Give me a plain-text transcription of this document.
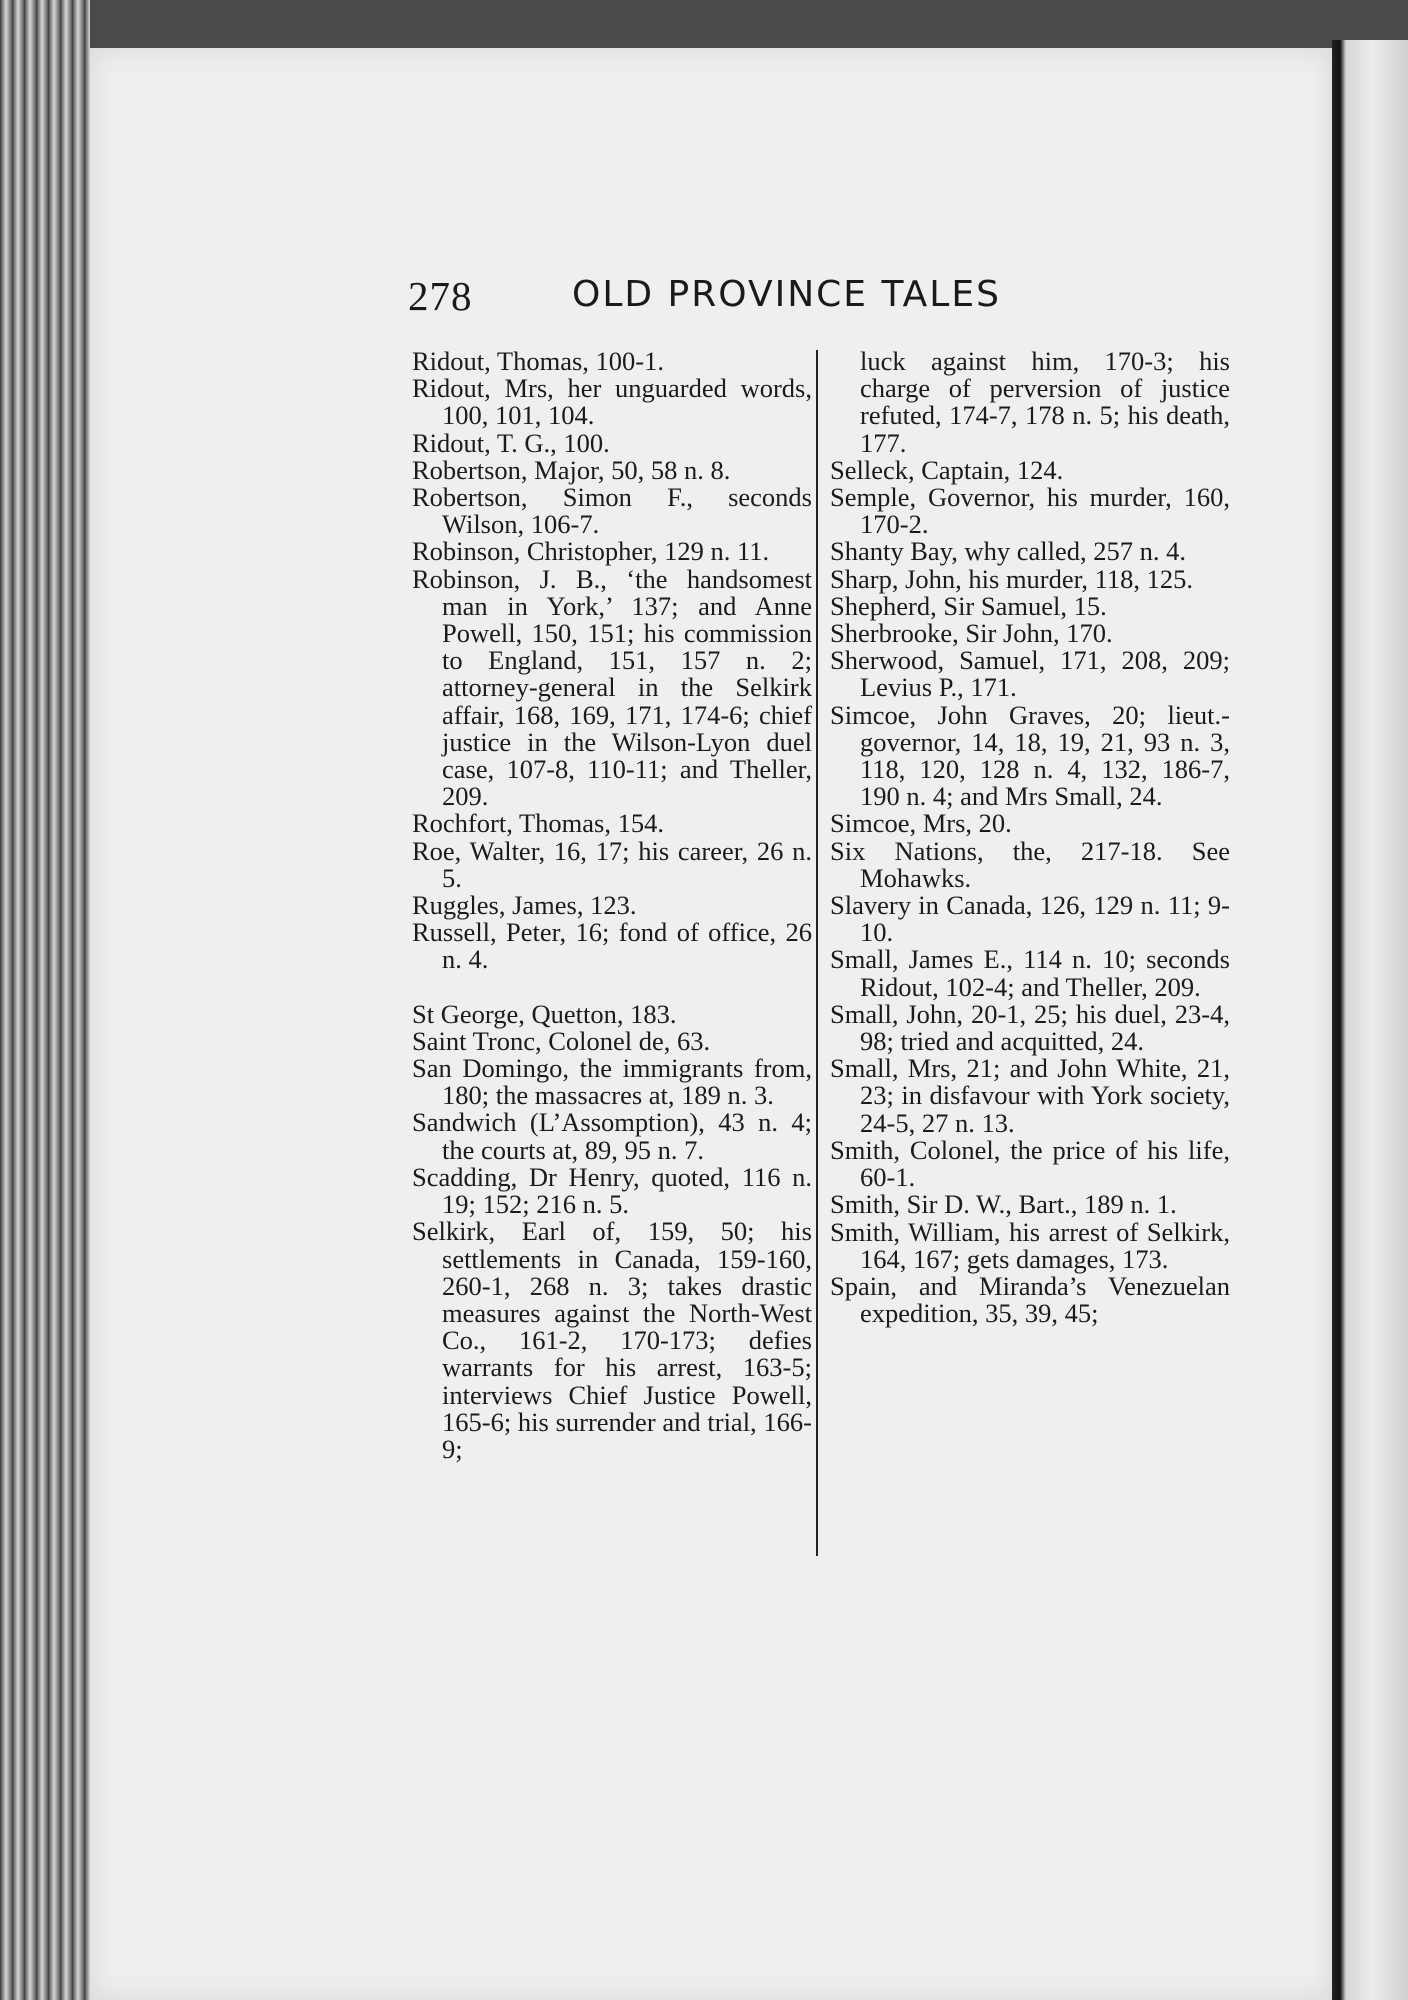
278	OLD PROVINCE TALES
Ridout, Thomas, 100-1.
Ridout, Mrs, her unguarded words, 100, 101, 104.
Ridout, T. G., 100.
Robertson, Major, 50, 58 n. 8.
Robertson, Simon F., seconds Wilson, 106-7.
Robinson, Christopher, 129 n. 11.
Robinson, J. B., ‘the handsomest man in York,’ 137; and Anne Powell, 150, 151; his commission to England, 151, 157 n. 2; attorney-general in the Selkirk affair, 168, 169, 171, 174-6; chief justice in the Wilson-Lyon duel case, 107-8, 110-11; and Theller, 209.
Rochfort, Thomas, 154.
Roe, Walter, 16, 17; his career, 26 n. 5.
Ruggles, James, 123.
Russell, Peter, 16; fond of office, 26 n. 4.
St George, Quetton, 183.
Saint Tronc, Colonel de, 63.
San Domingo, the immigrants from, 180; the massacres at, 189 n. 3.
Sandwich (L’Assomption), 43 n. 4; the courts at, 89, 95 n. 7.
Scadding, Dr Henry, quoted, 116 n. 19; 152; 216 n. 5.
Selkirk, Earl of, 159, 50; his settlements in Canada, 159-160, 260-1, 268 n. 3; takes drastic measures against the North-West Co., 161-2, 170-173; defies warrants for his arrest, 163-5; interviews Chief Justice Powell, 165-6; his surrender and trial, 166-9;
luck against him, 170-3; his charge of perversion of justice refuted, 174-7, 178 n. 5; his death, 177.
Selleck, Captain, 124.
Semple, Governor, his murder, 160, 170-2.
Shanty Bay, why called, 257 n. 4.
Sharp, John, his murder, 118, 125.
Shepherd, Sir Samuel, 15.
Sherbrooke, Sir John, 170.
Sherwood, Samuel, 171, 208, 209; Levius P., 171.
Simcoe, John Graves, 20; lieut.-governor, 14, 18, 19, 21, 93 n. 3, 118, 120, 128 n. 4, 132, 186-7, 190 n. 4; and Mrs Small, 24.
Simcoe, Mrs, 20.
Six Nations, the, 217-18. See Mohawks.
Slavery in Canada, 126, 129 n. 11; 9-10.
Small, James E., 114 n. 10; seconds Ridout, 102-4; and Theller, 209.
Small, John, 20-1, 25; his duel, 23-4, 98; tried and acquitted, 24.
Small, Mrs, 21; and John White, 21, 23; in disfavour with York society, 24-5, 27 n. 13.
Smith, Colonel, the price of his life, 60-1.
Smith, Sir D. W., Bart., 189 n. 1.
Smith, William, his arrest of Selkirk, 164, 167; gets damages, 173.
Spain, and Miranda’s Venezuelan expedition, 35, 39, 45;
